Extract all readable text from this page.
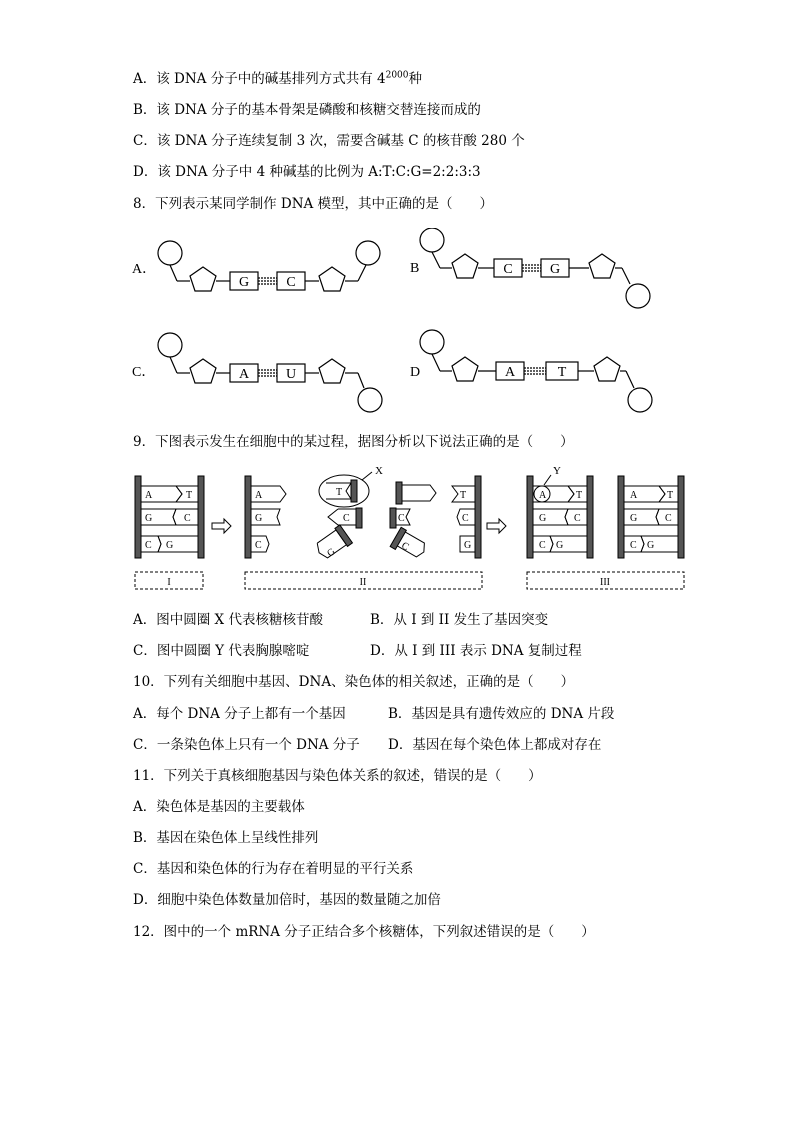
A．该 DNA 分子中的碱基排列方式共有 $4^{2000}$种
B．该 DNA 分子的基本骨架是磷酸和核糖交替连接而成的
C．该 DNA 分子连续复制 3 次，需要含碱基 C 的核苷酸 280 个
D．该 DNA 分子中 4 种碱基的比例为 A:T:C:G=2:2:3:3
8．下列表示某同学制作 DNA 模型，其中正确的是（　　）
G	C
C	G
A	U	A	T
A．	B
C．	D
9．下图表示发生在细胞中的某过程，据图分析以下说法正确的是（　　）
A
G
C
T
C
G
A
G
C
T
C
G
C
C
T
C
G
A
G
C
T
C
G
A
G
C
T
C
G
X	Y
I	II	III
A．图中圆圈 X 代表核糖核苷酸	B．从 I 到 II 发生了基因突变
C．图中圆圈 Y 代表胸腺嘧啶	D．从 I 到 III 表示 DNA 复制过程
10．下列有关细胞中基因、DNA、染色体的相关叙述，正确的是（　　）
A．每个 DNA 分子上都有一个基因	B．基因是具有遗传效应的 DNA 片段
C．一条染色体上只有一个 DNA 分子 D．基因在每个染色体上都成对存在
11．下列关于真核细胞基因与染色体关系的叙述，错误的是（　　）
A．染色体是基因的主要载体
B．基因在染色体上呈线性排列
C．基因和染色体的行为存在着明显的平行关系
D．细胞中染色体数量加倍时，基因的数量随之加倍
12．图中的一个 mRNA 分子正结合多个核糖体，下列叙述错误的是（　　）
